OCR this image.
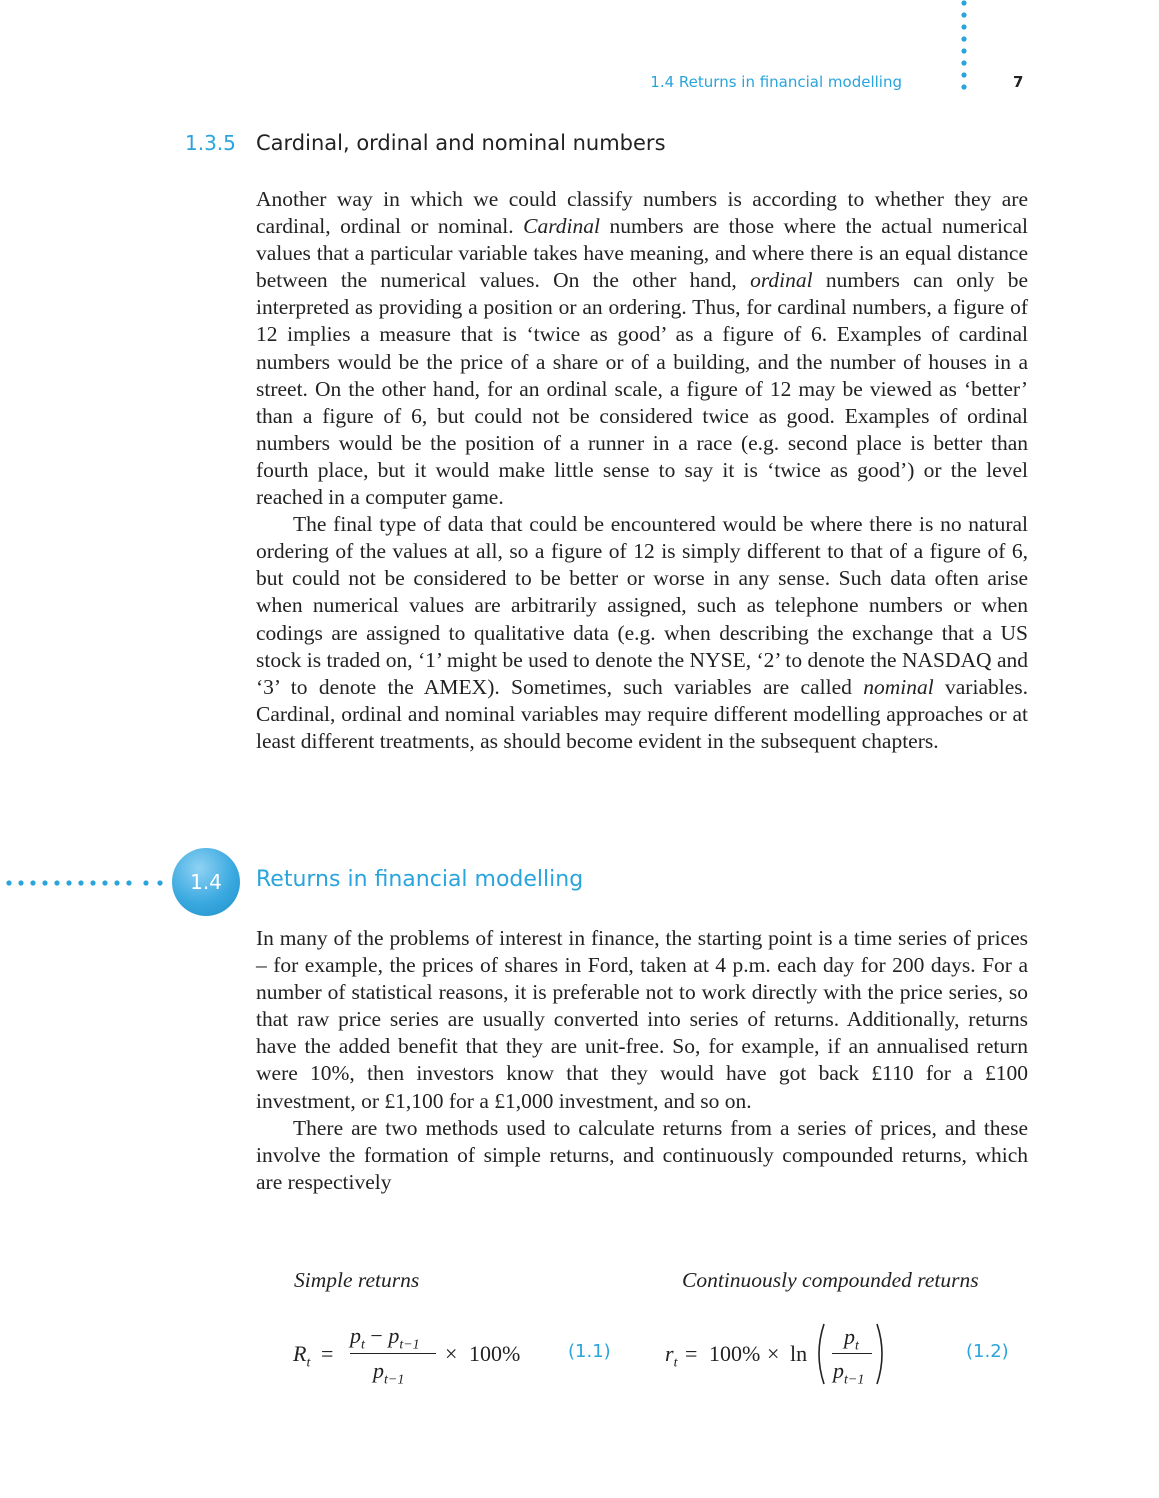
1.4 Returns in financial modelling	7
1.3.5 Cardinal, ordinal and nominal numbers

Another way in which we could classify numbers is according to whether they are cardinal, ordinal or nominal. Cardinal numbers are those where the actual numerical values that a particular variable takes have meaning, and where there is an equal distance between the numerical values. On the other hand, ordinal numbers can only be interpreted as providing a position or an ordering. Thus, for cardinal numbers, a figure of 12 implies a measure that is ‘twice as good’ as a figure of 6. Examples of cardinal numbers would be the price of a share or of a building, and the number of houses in a street. On the other hand, for an ordinal scale, a figure of 12 may be viewed as ‘better’ than a figure of 6, but could not be considered twice as good. Examples of ordinal numbers would be the position of a runner in a race (e.g. second place is better than fourth place, but it would make little sense to say it is ‘twice as good’) or the level reached in a computer game.

The final type of data that could be encountered would be where there is no natural ordering of the values at all, so a figure of 12 is simply different to that of a figure of 6, but could not be considered to be better or worse in any sense. Such data often arise when numerical values are arbitrarily assigned, such as telephone numbers or when codings are assigned to qualitative data (e.g. when describing the exchange that a US stock is traded on, ‘1’ might be used to denote the NYSE, ‘2’ to denote the NASDAQ and ‘3’ to denote the AMEX). Sometimes, such variables are called nominal variables. Cardinal, ordinal and nominal variables may require different modelling approaches or at least different treatments, as should become evident in the subsequent chapters.

1.4 Returns in financial modelling

In many of the problems of interest in finance, the starting point is a time series of prices – for example, the prices of shares in Ford, taken at 4 p.m. each day for 200 days. For a number of statistical reasons, it is preferable not to work directly with the price series, so that raw price series are usually converted into series of returns. Additionally, returns have the added benefit that they are unit-free. So, for example, if an annualised return were 10%, then investors know that they would have got back £110 for a £100 investment, or £1,100 for a £1,000 investment, and so on.

There are two methods used to calculate returns from a series of prices, and these involve the formation of simple returns, and continuously compounded returns, which are respectively

Simple returns	Continuously compounded returns
$R_t$ =
$p_t - p_{t-1}$
$p_{t-1}$
× 100%	(1.1) $r_t = 100\% \times \ln$
$p_t$
$p_{t-1}$
(1.2)
